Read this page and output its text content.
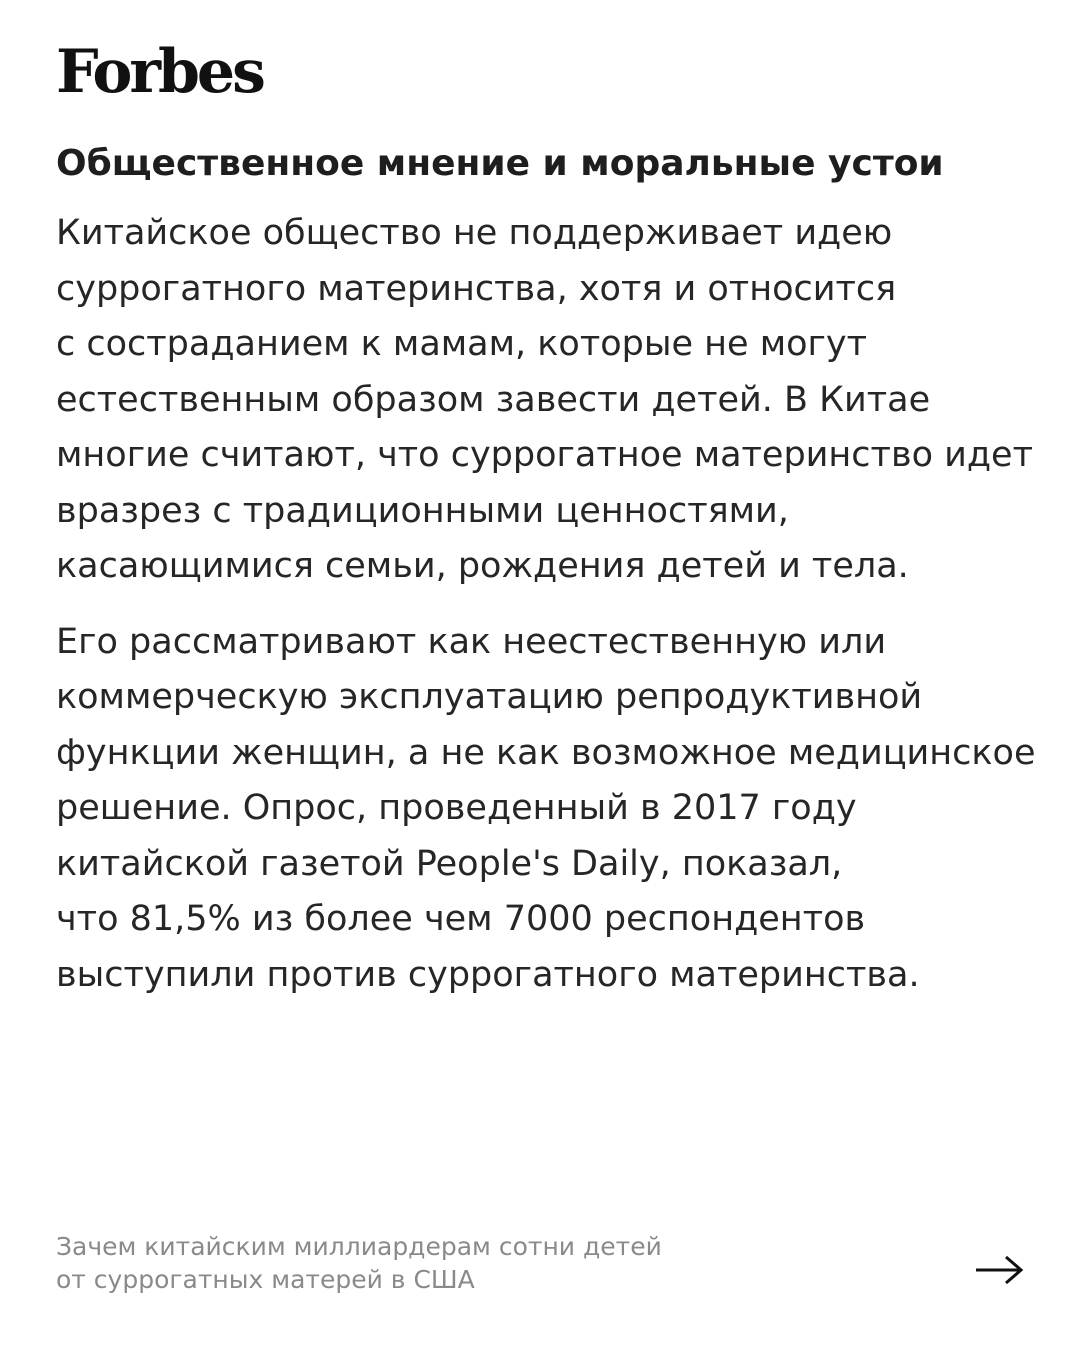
Forbes
Общественное мнение и моральные устои

Китайское общество не поддерживает идею
суррогатного материнства, хотя и относится
с состраданием к мамам, которые не могут
естественным образом завести детей. В Китае
многие считают, что суррогатное материнство идет
вразрез с традиционными ценностями,
касающимися семьи, рождения детей и тела.

Его рассматривают как неестественную или
коммерческую эксплуатацию репродуктивной
функции женщин, а не как возможное медицинское
решение. Опрос, проведенный в 2017 году
китайской газетой People's Daily, показал,
что 81,5% из более чем 7000 респондентов
выступили против суррогатного материнства.

Зачем китайским миллиардерам сотни детей
от суррогатных матерей в США
